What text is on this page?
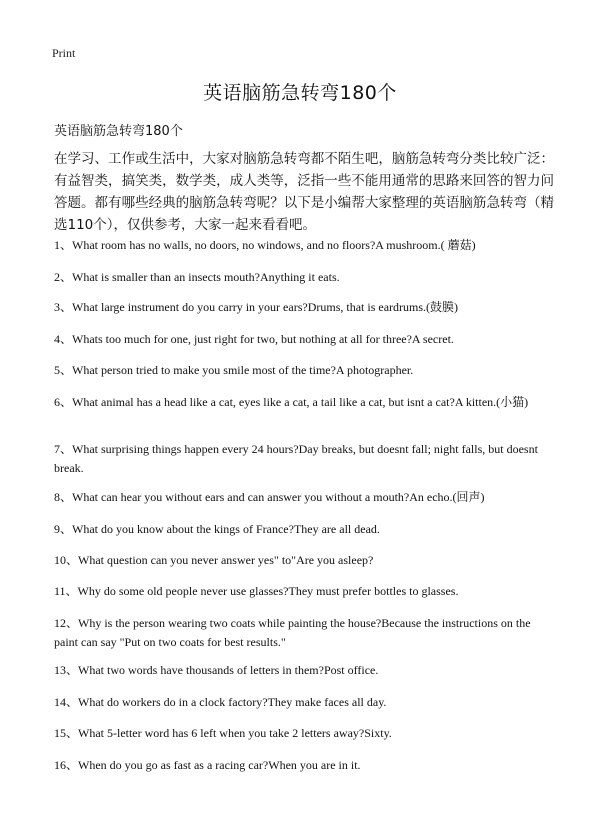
Print
英语脑筋急转弯180个
英语脑筋急转弯180个
在学习、工作或生活中，大家对脑筋急转弯都不陌生吧，脑筋急转弯分类比较广泛：有益智类，搞笑类，数学类，成人类等，泛指一些不能用通常的思路来回答的智力问答题。都有哪些经典的脑筋急转弯呢？以下是小编帮大家整理的英语脑筋急转弯（精选110个），仅供参考，大家一起来看看吧。
1、What room has no walls, no doors, no windows, and no floors?A mushroom.( 蘑菇)
2、What is smaller than an insects mouth?Anything it eats.
3、What large instrument do you carry in your ears?Drums, that is eardrums.(鼓膜)
4、Whats too much for one, just right for two, but nothing at all for three?A secret.
5、What person tried to make you smile most of the time?A photographer.
6、What animal has a head like a cat, eyes like a cat, a tail like a cat, but isnt a cat?A kitten.(小猫)
7、What surprising things happen every 24 hours?Day breaks, but doesnt fall; night falls, but doesnt break.
8、What can hear you without ears and can answer you without a mouth?An echo.(回声)
9、What do you know about the kings of France?They are all dead.
10、What question can you never answer yes" to"Are you asleep?
11、Why do some old people never use glasses?They must prefer bottles to glasses.
12、Why is the person wearing two coats while painting the house?Because the instructions on the paint can say "Put on two coats for best results."
13、What two words have thousands of letters in them?Post office.
14、What do workers do in a clock factory?They make faces all day.
15、What 5-letter word has 6 left when you take 2 letters away?Sixty.
16、When do you go as fast as a racing car?When you are in it.
